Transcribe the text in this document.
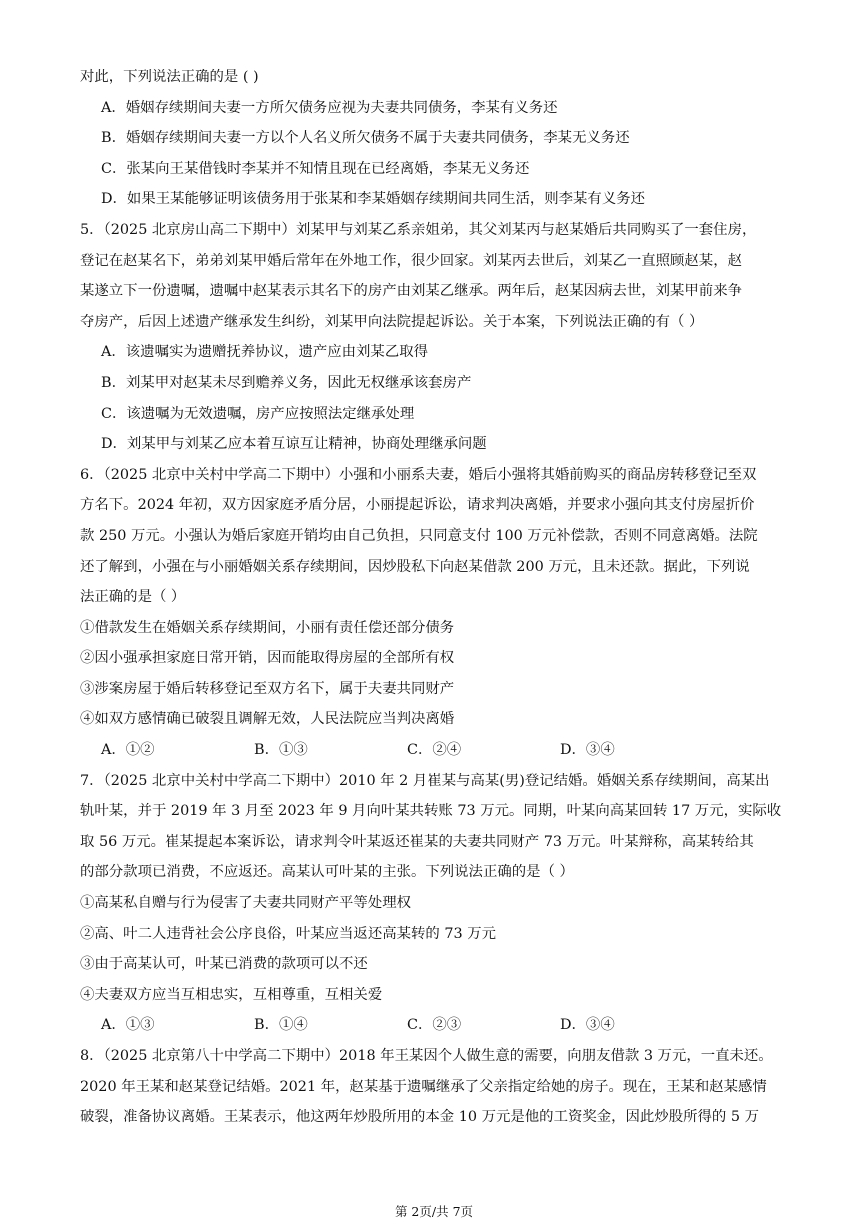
对此，下列说法正确的是 ( )
A．婚姻存续期间夫妻一方所欠债务应视为夫妻共同债务，李某有义务还
B．婚姻存续期间夫妻一方以个人名义所欠债务不属于夫妻共同债务，李某无义务还
C．张某向王某借钱时李某并不知情且现在已经离婚，李某无义务还
D．如果王某能够证明该债务用于张某和李某婚姻存续期间共同生活，则李某有义务还
5．（2025 北京房山高二下期中）刘某甲与刘某乙系亲姐弟，其父刘某丙与赵某婚后共同购买了一套住房，
登记在赵某名下，弟弟刘某甲婚后常年在外地工作，很少回家。刘某丙去世后，刘某乙一直照顾赵某，赵
某遂立下一份遗嘱，遗嘱中赵某表示其名下的房产由刘某乙继承。两年后，赵某因病去世，刘某甲前来争
夺房产，后因上述遗产继承发生纠纷，刘某甲向法院提起诉讼。关于本案，下列说法正确的有（ ）
A．该遗嘱实为遗赠抚养协议，遗产应由刘某乙取得
B．刘某甲对赵某未尽到赡养义务，因此无权继承该套房产
C．该遗嘱为无效遗嘱，房产应按照法定继承处理
D．刘某甲与刘某乙应本着互谅互让精神，协商处理继承问题
6．（2025 北京中关村中学高二下期中）小强和小丽系夫妻，婚后小强将其婚前购买的商品房转移登记至双
方名下。2024 年初，双方因家庭矛盾分居，小丽提起诉讼，请求判决离婚，并要求小强向其支付房屋折价
款 250 万元。小强认为婚后家庭开销均由自己负担，只同意支付 100 万元补偿款，否则不同意离婚。法院
还了解到，小强在与小丽婚姻关系存续期间，因炒股私下向赵某借款 200 万元，且未还款。据此，下列说
法正确的是（ ）
①借款发生在婚姻关系存续期间，小丽有责任偿还部分债务
②因小强承担家庭日常开销，因而能取得房屋的全部所有权
③涉案房屋于婚后转移登记至双方名下，属于夫妻共同财产
④如双方感情确已破裂且调解无效，人民法院应当判决离婚
A．①②	B．①③	C．②④	D．③④
7．（2025 北京中关村中学高二下期中）2010 年 2 月崔某与高某(男)登记结婚。婚姻关系存续期间，高某出
轨叶某，并于 2019 年 3 月至 2023 年 9 月向叶某共转账 73 万元。同期，叶某向高某回转 17 万元，实际收
取 56 万元。崔某提起本案诉讼，请求判令叶某返还崔某的夫妻共同财产 73 万元。叶某辩称，高某转给其
的部分款项已消费，不应返还。高某认可叶某的主张。下列说法正确的是（ ）
①高某私自赠与行为侵害了夫妻共同财产平等处理权
②高、叶二人违背社会公序良俗，叶某应当返还高某转的 73 万元
③由于高某认可，叶某已消费的款项可以不还
④夫妻双方应当互相忠实，互相尊重，互相关爱
A．①③	B．①④	C．②③	D．③④
8．（2025 北京第八十中学高二下期中）2018 年王某因个人做生意的需要，向朋友借款 3 万元，一直未还。
2020 年王某和赵某登记结婚。2021 年，赵某基于遗嘱继承了父亲指定给她的房子。现在，王某和赵某感情
破裂，准备协议离婚。王某表示，他这两年炒股所用的本金 10 万元是他的工资奖金，因此炒股所得的 5 万
第 2页/共 7页
